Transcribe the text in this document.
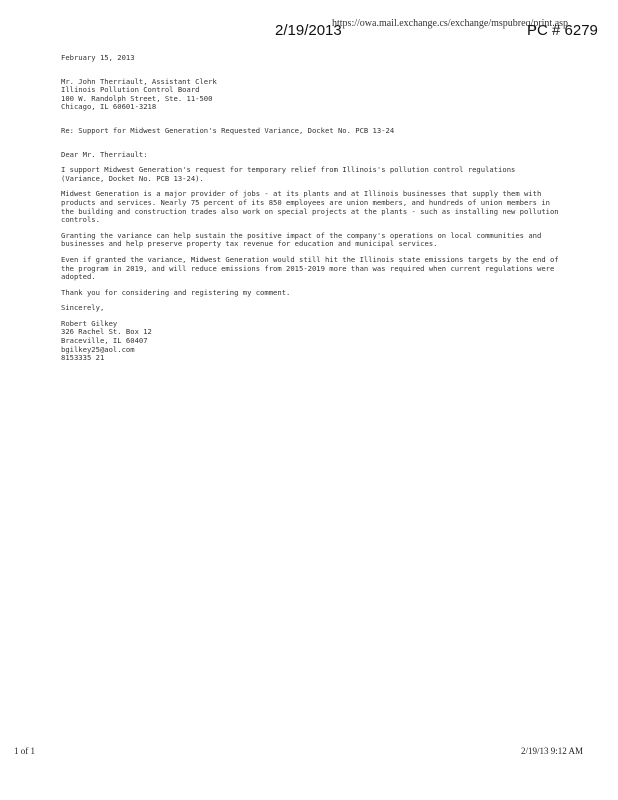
2/19/2013
https://owa.mail.exchange.cs/exchange/mspubreq/print.asp
PC # 6279

February 15, 2013

Mr. John Therriault, Assistant Clerk
Illinois Pollution Control Board
100 W. Randolph Street, Ste. 11-500
Chicago, IL 60601-3218

Re: Support for Midwest Generation's Requested Variance, Docket No. PCB 13-24

Dear Mr. Therriault:

I support Midwest Generation's request for temporary relief from Illinois's pollution control regulations (Variance, Docket No. PCB 13-24).

Midwest Generation is a major provider of jobs - at its plants and at Illinois businesses that supply them with products and services. Nearly 75 percent of its 850 employees are union members, and hundreds of union members in the building and construction trades also work on special projects at the plants - such as installing new pollution controls.

Granting the variance can help sustain the positive impact of the company's operations on local communities and businesses and help preserve property tax revenue for education and municipal services.

Even if granted the variance, Midwest Generation would still hit the Illinois state emissions targets by the end of the program in 2019, and will reduce emissions from 2015-2019 more than was required when current regulations were adopted.

Thank you for considering and registering my comment.

Sincerely,

Robert Gilkey
326 Rachel St. Box 12
Braceville, IL 60407
bgilkey25@aol.com
8153335 21

1 of 1	2/19/13 9:12 AM
